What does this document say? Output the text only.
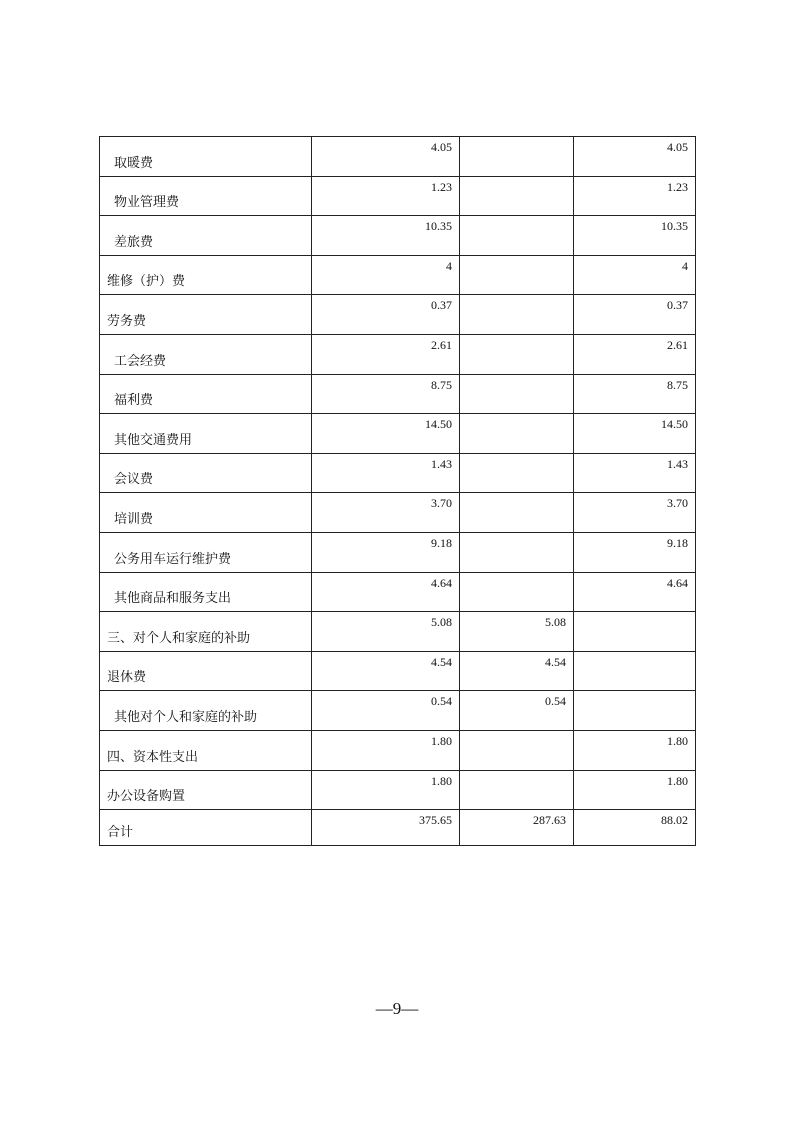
取暖费	4.05		4.05

物业管理费	1.23		1.23

差旅费	10.35		10.35

维修（护）费	4		4

劳务费	0.37		0.37

工会经费	2.61		2.61

福利费	8.75		8.75

其他交通费用	14.50		14.50

会议费	1.43		1.43

培训费	3.70		3.70

公务用车运行维护费	9.18		9.18

其他商品和服务支出	4.64		4.64

三、对个人和家庭的补助	5.08	5.08	

退休费	4.54	4.54	

其他对个人和家庭的补助	0.54	0.54	

四、资本性支出	1.80		1.80

办公设备购置	1.80		1.80

合计	375.65	287.63	88.02
—9—
